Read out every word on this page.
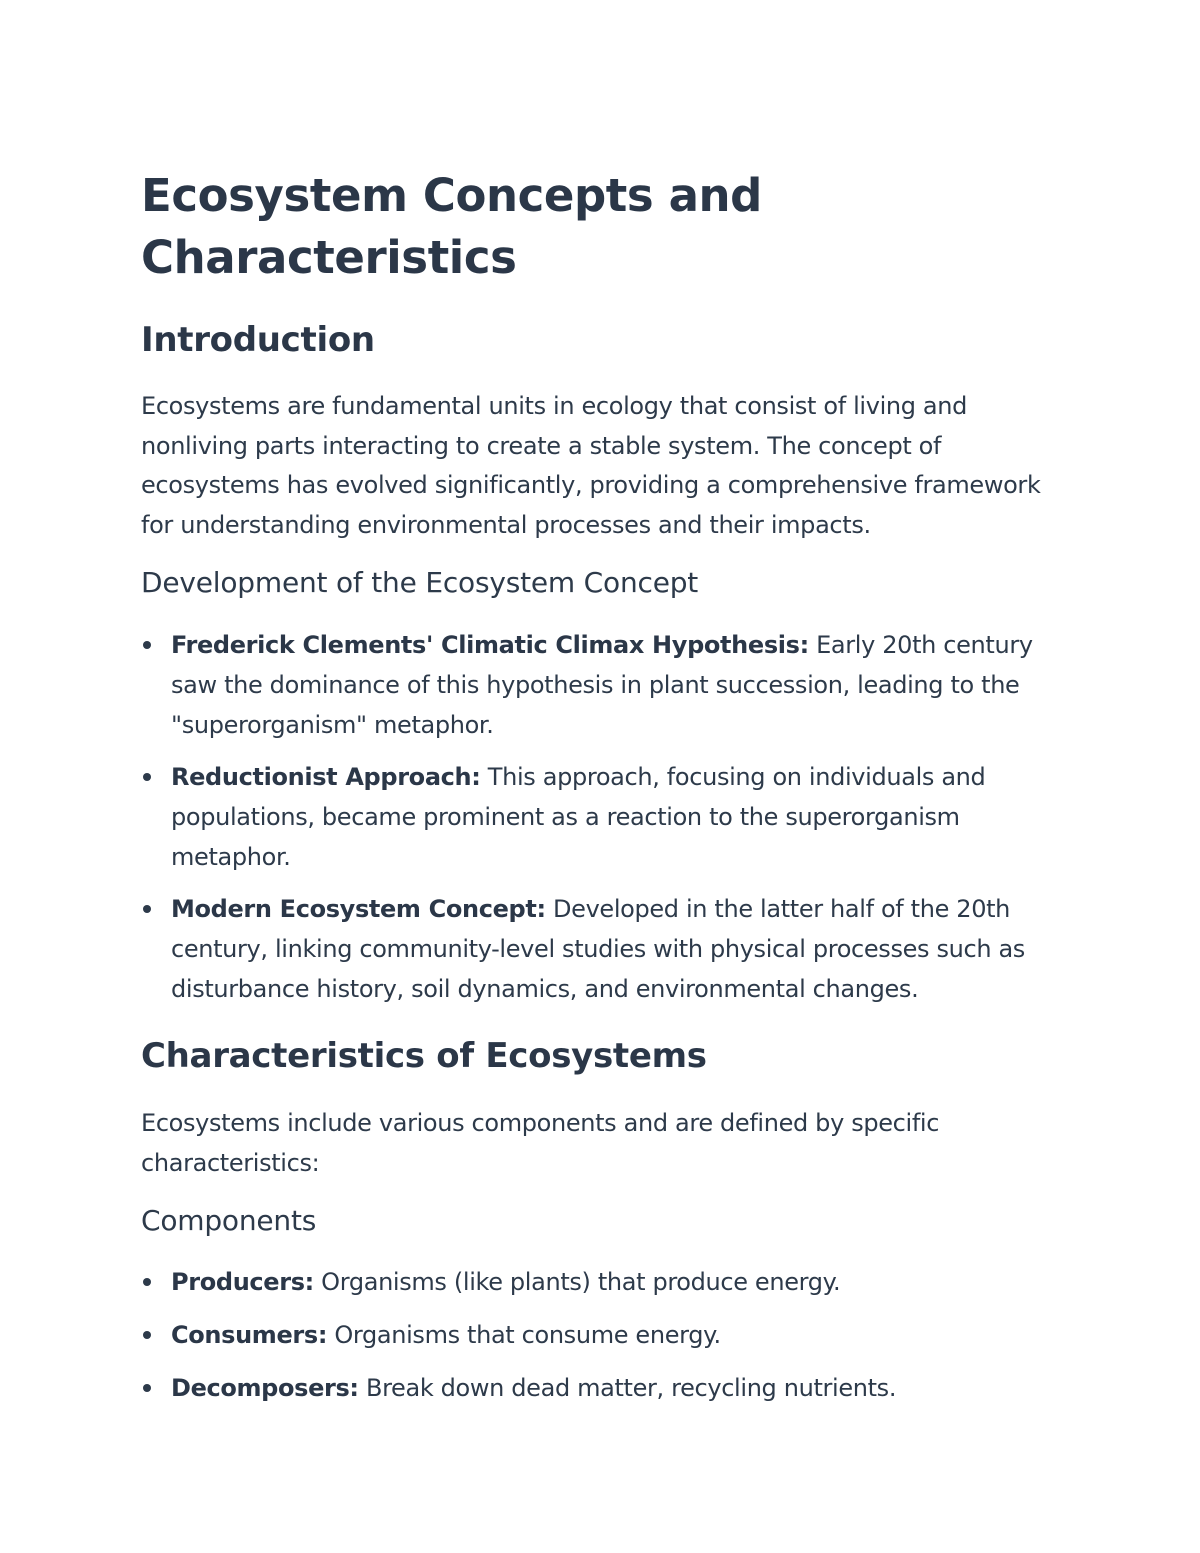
Ecosystem Concepts and Characteristics
Introduction

Ecosystems are fundamental units in ecology that consist of living and nonliving parts interacting to create a stable system. The concept of ecosystems has evolved significantly, providing a comprehensive framework for understanding environmental processes and their impacts.

Development of the Ecosystem Concept
Frederick Clements' Climatic Climax Hypothesis: Early 20th century saw the dominance of this hypothesis in plant succession, leading to the "superorganism" metaphor.
Reductionist Approach: This approach, focusing on individuals and populations, became prominent as a reaction to the superorganism metaphor.
Modern Ecosystem Concept: Developed in the latter half of the 20th century, linking community-level studies with physical processes such as disturbance history, soil dynamics, and environmental changes.
Characteristics of Ecosystems

Ecosystems include various components and are defined by specific characteristics:

Components
Producers: Organisms (like plants) that produce energy.
Consumers: Organisms that consume energy.
Decomposers: Break down dead matter, recycling nutrients.
